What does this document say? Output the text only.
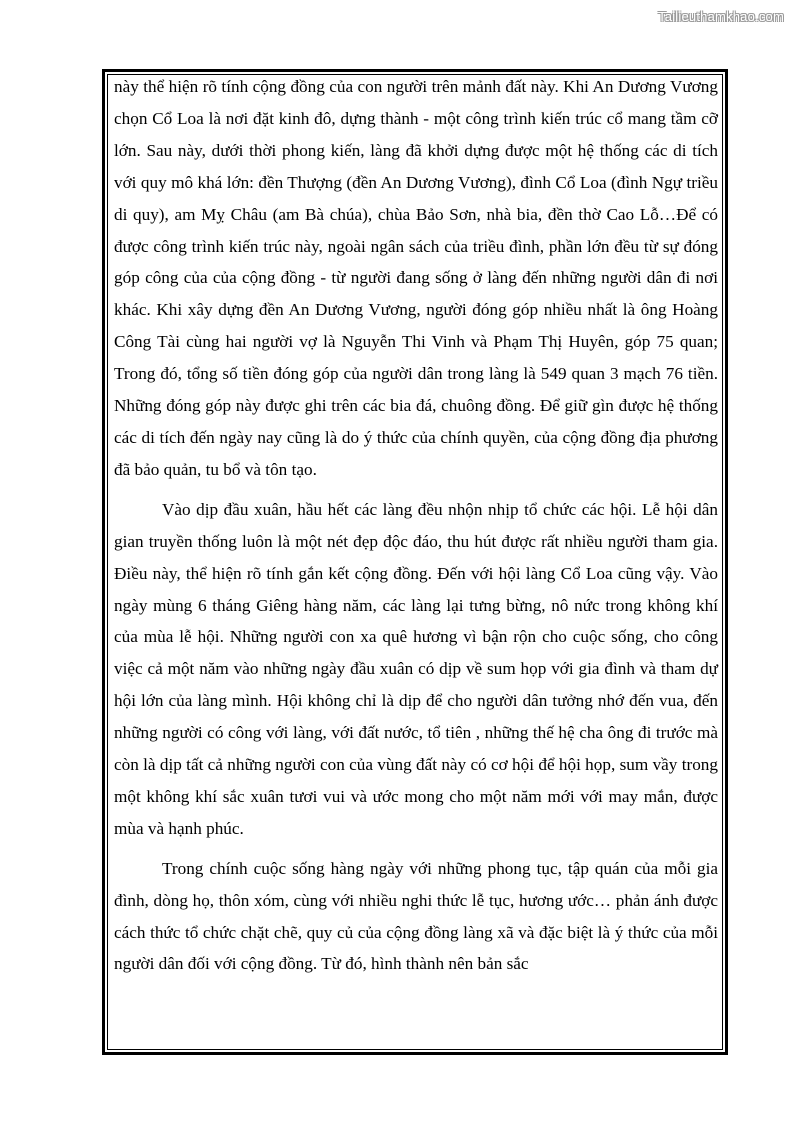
Tailieuthamkhao.com

này thể hiện rõ tính cộng đồng của con người trên mảnh đất này. Khi An Dương Vương chọn Cổ Loa là nơi đặt kinh đô, dựng thành - một công trình kiến trúc cổ mang tầm cỡ lớn. Sau này, dưới thời phong kiến, làng đã khởi dựng được một hệ thống các di tích với quy mô khá lớn: đền Thượng (đền An Dương Vương), đình Cổ Loa (đình Ngự triều di quy), am Mỵ Châu (am Bà chúa), chùa Bảo Sơn, nhà bia, đền thờ Cao Lỗ…Để có được công trình kiến trúc này, ngoài ngân sách của triều đình, phần lớn đều từ sự đóng góp công của của cộng đồng - từ người đang sống ở làng đến những người dân đi nơi khác. Khi xây dựng đền An Dương Vương, người đóng góp nhiều nhất là ông Hoàng Công Tài cùng hai người vợ là Nguyễn Thi Vinh và Phạm Thị Huyên, góp 75 quan; Trong đó, tổng số tiền đóng góp của người dân trong làng là 549 quan 3 mạch 76 tiền. Những đóng góp này được ghi trên các bia đá, chuông đồng. Để giữ gìn được hệ thống các di tích đến ngày nay cũng là do ý thức của chính quyền, của cộng đồng địa phương đã bảo quản, tu bổ và tôn tạo.

Vào dịp đầu xuân, hầu hết các làng đều nhộn nhịp tổ chức các hội. Lễ hội dân gian truyền thống luôn là một nét đẹp độc đáo, thu hút được rất nhiều người tham gia. Điều này, thể hiện rõ tính gắn kết cộng đồng. Đến với hội làng Cổ Loa cũng vậy. Vào ngày mùng 6 tháng Giêng hàng năm, các làng lại tưng bừng, nô nức trong không khí của mùa lễ hội. Những người con xa quê hương vì bận rộn cho cuộc sống, cho công việc cả một năm vào những ngày đầu xuân có dịp về sum họp với gia đình và tham dự hội lớn của làng mình. Hội không chỉ là dịp để cho người dân tưởng nhớ đến vua, đến những người có công với làng, với đất nước, tổ tiên , những thế hệ cha ông đi trước mà còn là dịp tất cả những người con của vùng đất này có cơ hội để hội họp, sum vầy trong một không khí sắc xuân tươi vui và ước mong cho một năm mới với may mắn, được mùa và hạnh phúc.

Trong chính cuộc sống hàng ngày với những phong tục, tập quán của mỗi gia đình, dòng họ, thôn xóm, cùng với nhiều nghi thức lễ tục, hương ước… phản ánh được cách thức tổ chức chặt chẽ, quy củ của cộng đồng làng xã và đặc biệt là ý thức của mỗi người dân đối với cộng đồng. Từ đó, hình thành nên bản sắc
